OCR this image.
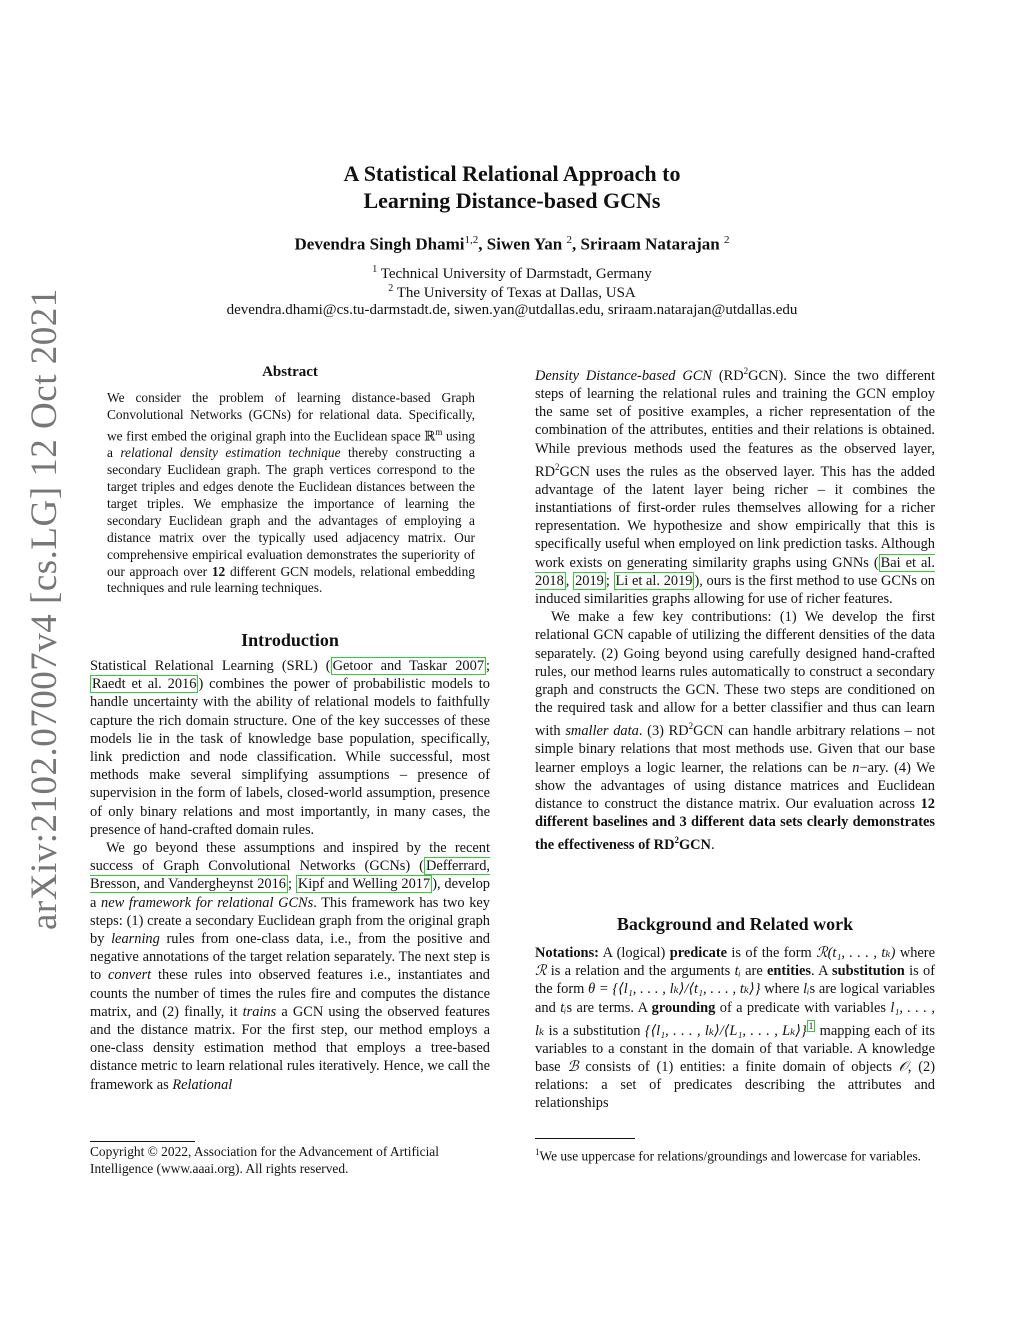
A Statistical Relational Approach to
Learning Distance-based GCNs
Devendra Singh Dhami$^{1,2}$, Siwen Yan $^2$, Sriraam Natarajan $^2$
$^1$ Technical University of Darmstadt, Germany
$^2$ The University of Texas at Dallas, USA
devendra.dhami@cs.tu-darmstadt.de, siwen.yan@utdallas.edu, sriraam.natarajan@utdallas.edu
arXiv:2102.07007v4 [cs.LG] 12 Oct 2021	Abstract
We consider the problem of learning distance-based Graph Convolutional Networks (GCNs) for relational data. Specifically, we first embed the original graph into the Euclidean space ℝ$^m$ using a relational density estimation technique thereby constructing a secondary Euclidean graph. The graph vertices correspond to the target triples and edges denote the Euclidean distances between the target triples. We emphasize the importance of learning the secondary Euclidean graph and the advantages of employing a distance matrix over the typically used adjacency matrix. Our comprehensive empirical evaluation demonstrates the superiority of our approach over 12 different GCN models, relational embedding techniques and rule learning techniques.
Introduction

Statistical Relational Learning (SRL) ( Getoor and Taskar 2007 ; Raedt et al. 2016 ) combines the power of probabilistic models to handle uncertainty with the ability of relational models to faithfully capture the rich domain structure. One of the key successes of these models lie in the task of knowledge base population, specifically, link prediction and node classification. While successful, most methods make several simplifying assumptions – presence of supervision in the form of labels, closed-world assumption, presence of only binary relations and most importantly, in many cases, the presence of hand-crafted domain rules.

We go beyond these assumptions and inspired by the recent success of Graph Convolutional Networks (GCNs) ( Defferrard, Bresson, and Vandergheynst 2016 ; Kipf and Welling 2017 ), develop a new framework for relational GCNs. This framework has two key steps: (1) create a secondary Euclidean graph from the original graph by learning rules from one-class data, i.e., from the positive and negative annotations of the target relation separately. The next step is to convert these rules into observed features i.e., instantiates and counts the number of times the rules fire and computes the distance matrix, and (2) finally, it trains a GCN using the observed features and the distance matrix. For the first step, our method employs a one-class density estimation method that employs a tree-based distance metric to learn relational rules iteratively. Hence, we call the framework as Relational

Copyright © 2022, Association for the Advancement of Artificial Intelligence (www.aaai.org). All rights reserved.

Density Distance-based GCN $(RD^2GCN)$. Since the two different steps of learning the relational rules and training the GCN employ the same set of positive examples, a richer representation of the combination of the attributes, entities and their relations is obtained. While previous methods used the features as the observed layer, $RD^2GCN$ uses the rules as the observed layer. This has the added advantage of the latent layer being richer – it combines the instantiations of first-order rules themselves allowing for a richer representation. We hypothesize and show empirically that this is specifically useful when employed on link prediction tasks. Although work exists on generating similarity graphs using GNNs ( Bai et al. 2018 , 2019 ; Li et al. 2019 ), ours is the first method to use GCNs on induced similarities graphs allowing for use of richer features.

We make a few key contributions: (1) We develop the first relational GCN capable of utilizing the different densities of the data separately. (2) Going beyond using carefully designed hand-crafted rules, our method learns rules automatically to construct a secondary graph and constructs the GCN. These two steps are conditioned on the required task and allow for a better classifier and thus can learn with smaller data. (3) $RD^2GCN$ can handle arbitrary relations – not simple binary relations that most methods use. Given that our base learner employs a logic learner, the relations can be n−ary. (4) We show the advantages of using distance matrices and Euclidean distance to construct the distance matrix. Our evaluation across 12 different baselines and 3 different data sets clearly demonstrates the effectiveness of $RD^2GCN$.

Background and Related work
Notations: A (logical) predicate is of the form ℛ(t₁, . . . , tₖ) where ℛ is a relation and the arguments tᵢ are entities. A substitution is of the form θ = {⟨l₁, . . . , lₖ⟩/⟨t₁, . . . , tₖ⟩} where lᵢs are logical variables and tᵢs are terms. A grounding of a predicate with variables l₁, . . . , lₖ is a substitution {⟨l₁, . . . , lₖ⟩/⟨L₁, . . . , Lₖ⟩} $^1$ mapping each of its variables to a constant in the domain of that variable. A knowledge base ℬ consists of (1) entities: a finite domain of objects 𝒪, (2) relations: a set of predicates describing the attributes and relationships
$^1$We use uppercase for relations/groundings and lowercase for variables.
